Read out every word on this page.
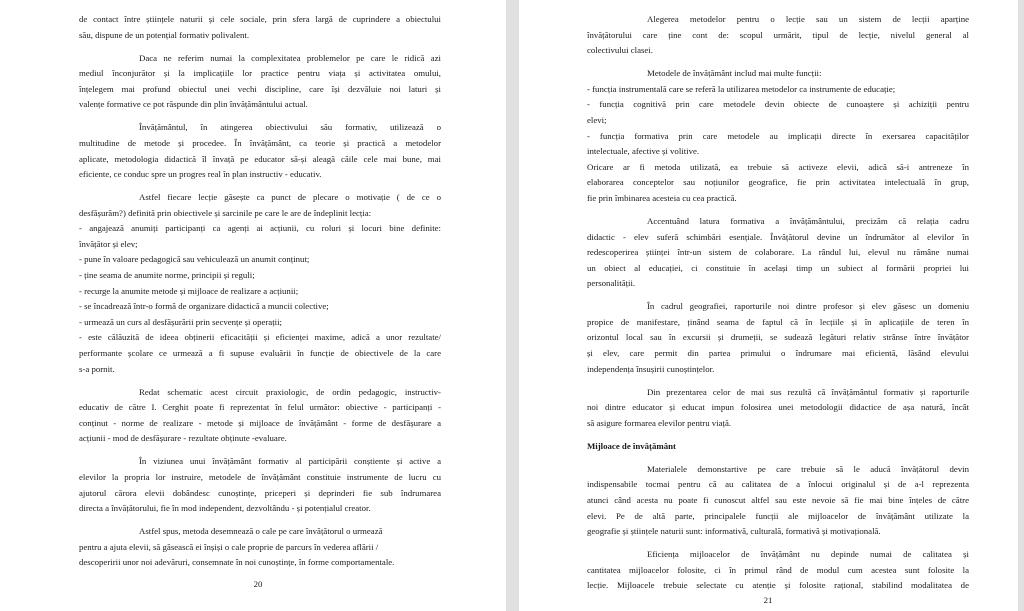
de contact între științele naturii și cele sociale, prin sfera largă de cuprindere a obiectului
său, dispune de un potențial formativ polivalent.
Daca ne referim numai la complexitatea problemelor pe care le ridică azi
mediul înconjurător și la implicațiile lor practice pentru viața și activitatea omului,
înțelegem mai profund obiectul unei vechi discipline, care își dezvăluie noi laturi și
valențe formative ce pot răspunde din plin învățământului actual.
Învățământul, în atingerea obiectivului său formativ, utilizează o
multitudine de metode și procedee. În învățământ, ca teorie și practică a metodelor
aplicate, metodologia didactică îl învață pe educator să-și aleagă căile cele mai bune, mai
eficiente, ce conduc spre un progres real în plan instructiv - educativ.
Astfel fiecare lecție găsește ca punct de plecare o motivație ( de ce o
desfășurăm?) definită prin obiectivele și sarcinile pe care le are de îndeplinit lecția:
- angajează anumiți participanți ca agenți ai acțiunii, cu roluri și locuri bine definite:
învățător și elev;
- pune în valoare pedagogică sau vehiculează un anumit conținut;
- ține seama de anumite norme, principii și reguli;
- recurge la anumite metode și mijloace de realizare a acțiunii;
- se încadrează într-o formă de organizare didactică a muncii colective;
- urmează un curs al desfășurării prin secvențe și operații;
- este călăuzită de ideea obținerii eficacității și eficienței maxime, adică a unor rezultate/
performante școlare ce urmează a fi supuse evaluării în funcție de obiectivele de la care
s-a pornit.
Redat schematic acest circuit praxiologic, de ordin pedagogic, instructiv-
educativ de către I. Cerghit poate fi reprezentat în felul următor: obiective - participanți -
conținut - norme de realizare - metode și mijloace de învățământ - forme de desfășurare a
acțiunii - mod de desfășurare - rezultate obținute -evaluare.
În viziunea unui învățământ formativ al participării conștiente și active a
elevilor la propria lor instruire, metodele de învățământ constituie instrumente de lucru cu
ajutorul cărora elevii dobândesc cunoștințe, priceperi și deprinderi fie sub îndrumarea
directa a învățătorului, fie în mod independent, dezvoltându - și potențialul creator.
Astfel spus, metoda desemnează o cale pe care învățătorul o urmează
pentru a ajuta elevii, să găsească ei înșiși o cale proprie de parcurs în vederea aflării /
descoperirii unor noi adevăruri, consemnate în noi cunoștințe, în forme comportamentale.
20
Alegerea metodelor pentru o lecție sau un sistem de lecții aparține
învățătorului care ține cont de: scopul urmărit, tipul de lecție, nivelul general al
colectivului clasei.
Metodele de învățământ includ mai multe funcții:
- funcția instrumentală care se referă la utilizarea metodelor ca instrumente de educație;
- funcția cognitivă prin care metodele devin obiecte de cunoaștere și achiziții pentru
elevi;
- funcția formativa prin care metodele au implicații directe în exersarea capacităților
intelectuale, afective și volitive.
Oricare ar fi metoda utilizată, ea trebuie să activeze elevii, adică să-i antreneze în
elaborarea conceptelor sau noțiunilor geografice, fie prin activitatea intelectuală în grup,
fie prin îmbinarea acesteia cu cea practică.
Accentuând latura formativa a învățământului, precizăm că relația cadru
didactic - elev suferă schimbări esențiale. Învățătorul devine un îndrumător al elevilor în
redescoperirea științei într-un sistem de colaborare. La rândul lui, elevul nu rămâne numai
un obiect al educației, ci constituie în același timp un subiect al formării propriei lui
personalității.
În cadrul geografiei, raporturile noi dintre profesor și elev găsesc un domeniu
propice de manifestare, ținând seama de faptul că în lecțiile și în aplicațiile de teren în
orizontul local sau în excursii și drumeții, se sudează legături relativ strânse între învățător
și elev, care permit din partea primului o îndrumare mai eficientă, lăsând elevului
independența însușirii cunoștințelor.
Din prezentarea celor de mai sus rezultă că învățământul formativ și raporturile
noi dintre educator și educat impun folosirea unei metodologii didactice de așa natură, încât
să asigure formarea elevilor pentru viață.
Mijloace de învățământ
Materialele demonstartive pe care trebuie să le aducă învățătorul devin
indispensabile tocmai pentru că au calitatea de a înlocui originalul și de a-l reprezenta
atunci când acesta nu poate fi cunoscut altfel sau este nevoie să fie mai bine înțeles de către
elevi. Pe de altă parte, principalele funcții ale mijloacelor de învățământ utilizate la
geografie și științele naturii sunt: informativă, culturală, formativă și motivațională.
Eficiența mijloacelor de învățământ nu depinde numai de calitatea și
cantitatea mijloacelor folosite, ci în primul rând de modul cum acestea sunt folosite la
lecție. Mijloacele trebuie selectate cu atenție și folosite rațional, stabilind modalitatea de
21
